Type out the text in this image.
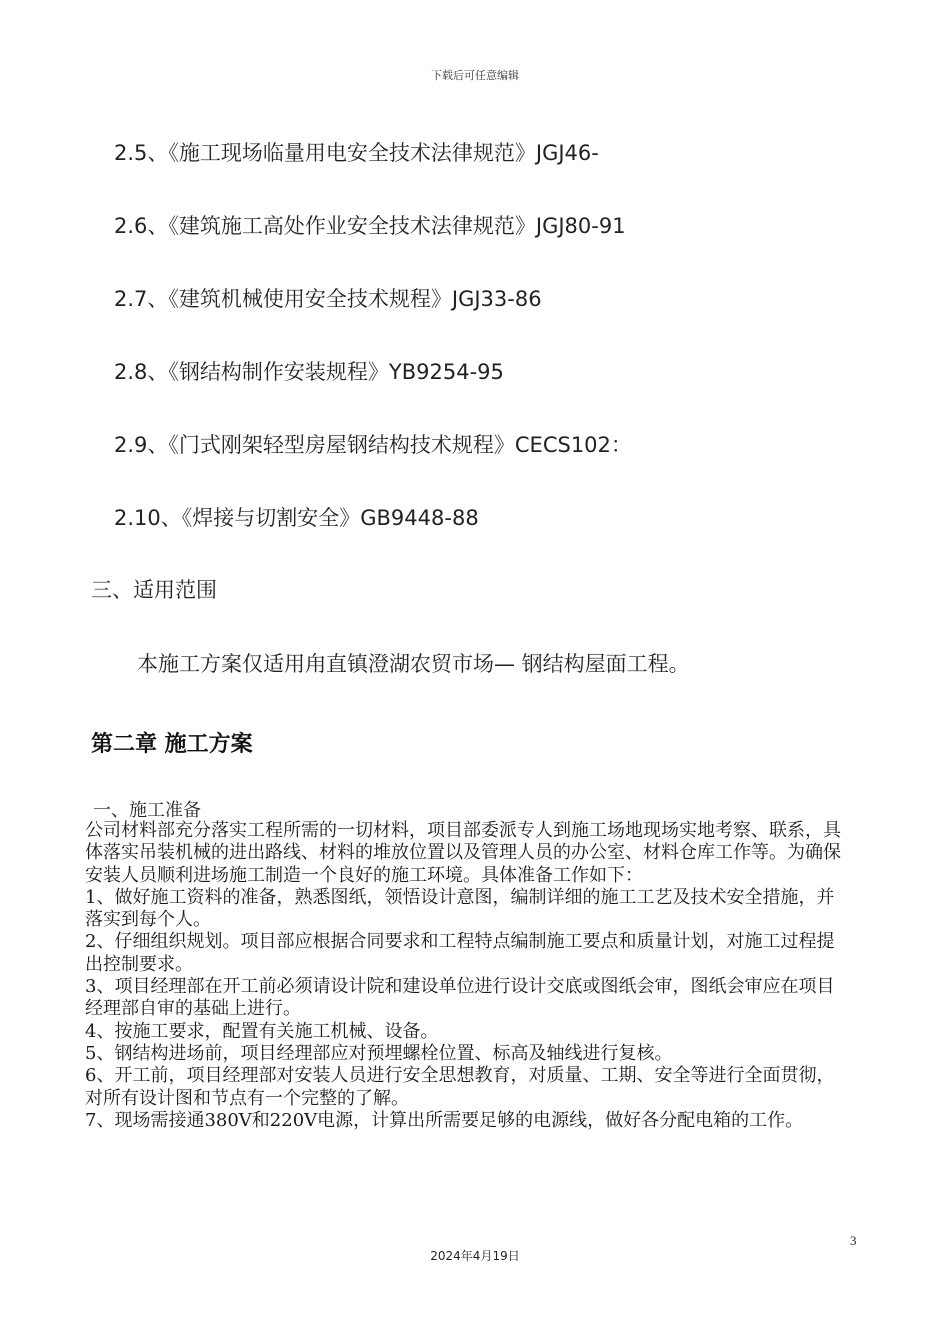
下载后可任意编辑
2.5、《施工现场临量用电安全技术法律规范》JGJ46-
2.6、《建筑施工高处作业安全技术法律规范》JGJ80-91
2.7、《建筑机械使用安全技术规程》JGJ33-86
2.8、《钢结构制作安装规程》YB9254-95
2.9、《门式刚架轻型房屋钢结构技术规程》CECS102：
2.10、《焊接与切割安全》GB9448-88
三、适用范围
本施工方案仅适用甪直镇澄湖农贸市场— 钢结构屋面工程。
第二章 施工方案
一、施工准备

公司材料部充分落实工程所需的一切材料，项目部委派专人到施工场地现场实地考察、联系，具体落实吊装机械的进出路线、材料的堆放位置以及管理人员的办公室、材料仓库工作等。为确保安装人员顺利进场施工制造一个良好的施工环境。具体准备工作如下：

1、做好施工资料的准备，熟悉图纸，领悟设计意图，编制详细的施工工艺及技术安全措施，并落实到每个人。

2、仔细组织规划。项目部应根据合同要求和工程特点编制施工要点和质量计划，对施工过程提出控制要求。

3、项目经理部在开工前必须请设计院和建设单位进行设计交底或图纸会审，图纸会审应在项目经理部自审的基础上进行。

4、按施工要求，配置有关施工机械、设备。

5、钢结构进场前，项目经理部应对预埋螺栓位置、标高及轴线进行复核。

6、开工前，项目经理部对安装人员进行安全思想教育，对质量、工期、安全等进行全面贯彻，对所有设计图和节点有一个完整的了解。

7、现场需接通380V和220V电源，计算出所需要足够的电源线，做好各分配电箱的工作。

3
2024年4月19日
